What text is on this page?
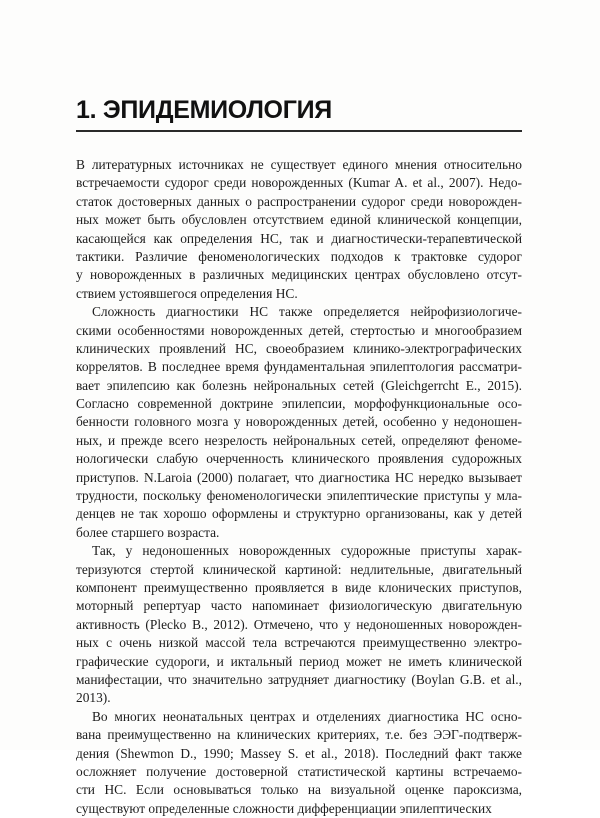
1. ЭПИДЕМИОЛОГИЯ
В литературных источниках не существует единого мнения относительно
встречаемости судорог среди новорожденных (Kumar A. et al., 2007). Недо-
статок достоверных данных о распространении судорог среди новорожден-
ных может быть обусловлен отсутствием единой клинической концепции,
касающейся как определения НС, так и диагностически-терапевтической
тактики. Различие феноменологических подходов к трактовке судорог
у новорожденных в различных медицинских центрах обусловлено отсут-
ствием устоявшегося определения НС.
Сложность диагностики НС также определяется нейрофизиологиче-
скими особенностями новорожденных детей, стертостью и многообразием
клинических проявлений НС, своеобразием клинико-электрографических
коррелятов. В последнее время фундаментальная эпилептология рассматри-
вает эпилепсию как болезнь нейрональных сетей (Gleichgerrcht E., 2015).
Согласно современной доктрине эпилепсии, морфофункциональные осо-
бенности головного мозга у новорожденных детей, особенно у недоношен-
ных, и прежде всего незрелость нейрональных сетей, определяют феноме-
нологически слабую очерченность клинического проявления судорожных
приступов. N.Laroia (2000) полагает, что диагностика НС нередко вызывает
трудности, поскольку феноменологически эпилептические приступы у мла-
денцев не так хорошо оформлены и структурно организованы, как у детей
более старшего возраста.
Так, у недоношенных новорожденных судорожные приступы харак-
теризуются стертой клинической картиной: недлительные, двигательный
компонент преимущественно проявляется в виде клонических приступов,
моторный репертуар часто напоминает физиологическую двигательную
активность (Plecko B., 2012). Отмечено, что у недоношенных новорожден-
ных с очень низкой массой тела встречаются преимущественно электро-
графические судороги, и иктальный период может не иметь клинической
манифестации, что значительно затрудняет диагностику (Boylan G.B. et al.,
2013).
Во многих неонатальных центрах и отделениях диагностика НС осно-
вана преимущественно на клинических критериях, т.е. без ЭЭГ-подтверж-
дения (Shewmon D., 1990; Massey S. et al., 2018). Последний факт также
осложняет получение достоверной статистической картины встречаемо-
сти НС. Если основываться только на визуальной оценке пароксизма,
существуют определенные сложности дифференциации эпилептических
